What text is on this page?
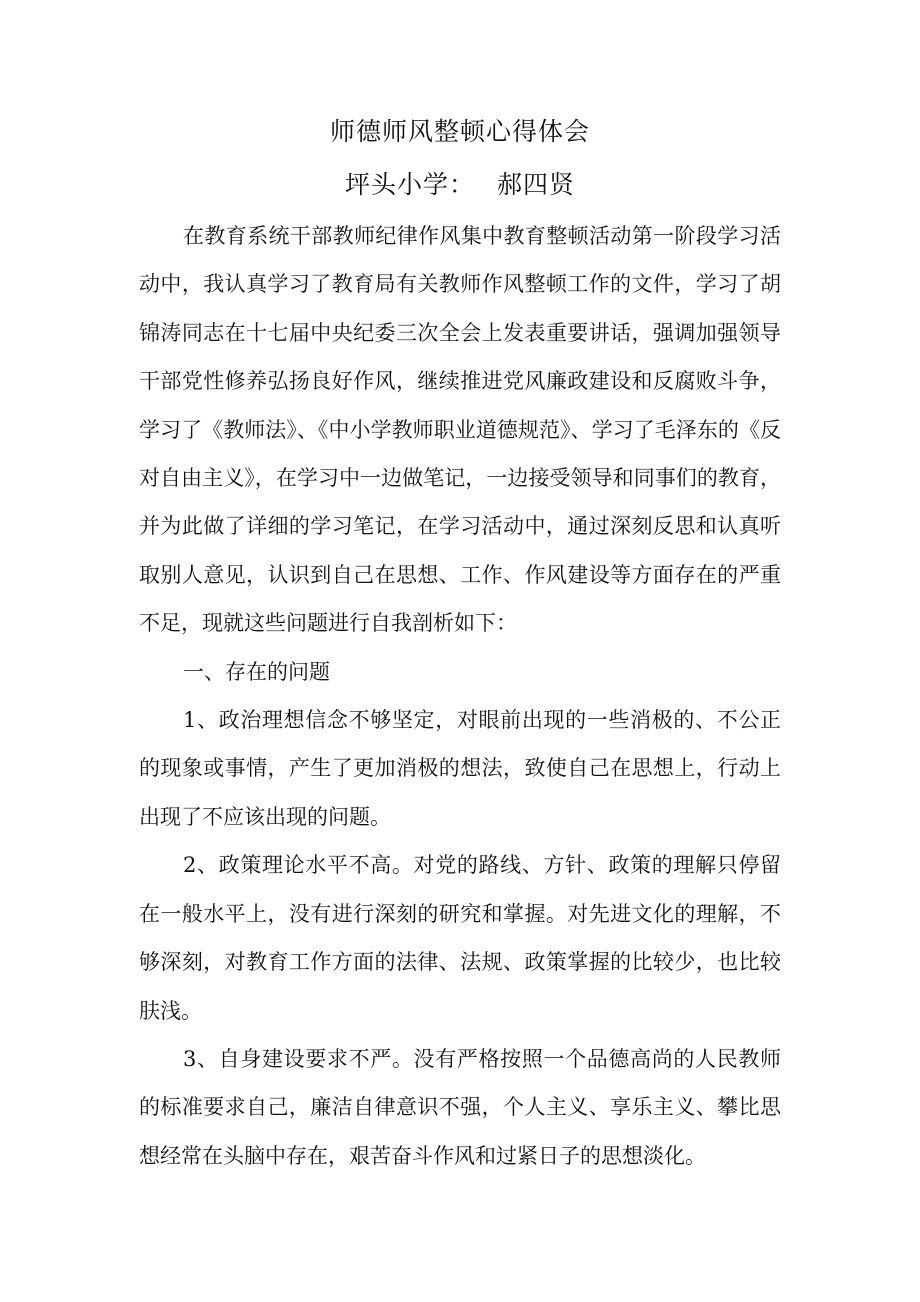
师德师风整顿心得体会
坪头小学： 郝四贤

在教育系统干部教师纪律作风集中教育整顿活动第一阶段学习活动中，我认真学习了教育局有关教师作风整顿工作的文件，学习了胡锦涛同志在十七届中央纪委三次全会上发表重要讲话，强调加强领导干部党性修养弘扬良好作风，继续推进党风廉政建设和反腐败斗争，学习了《教师法》、《中小学教师职业道德规范》、学习了毛泽东的《反对自由主义》，在学习中一边做笔记，一边接受领导和同事们的教育，并为此做了详细的学习笔记，在学习活动中，通过深刻反思和认真听取别人意见，认识到自己在思想、工作、作风建设等方面存在的严重不足，现就这些问题进行自我剖析如下：

一、存在的问题

1、政治理想信念不够坚定，对眼前出现的一些消极的、不公正的现象或事情，产生了更加消极的想法，致使自己在思想上，行动上出现了不应该出现的问题。

2、政策理论水平不高。对党的路线、方针、政策的理解只停留在一般水平上，没有进行深刻的研究和掌握。对先进文化的理解，不够深刻，对教育工作方面的法律、法规、政策掌握的比较少，也比较肤浅。

3、自身建设要求不严。没有严格按照一个品德高尚的人民教师的标准要求自己，廉洁自律意识不强，个人主义、享乐主义、攀比思想经常在头脑中存在，艰苦奋斗作风和过紧日子的思想淡化。
